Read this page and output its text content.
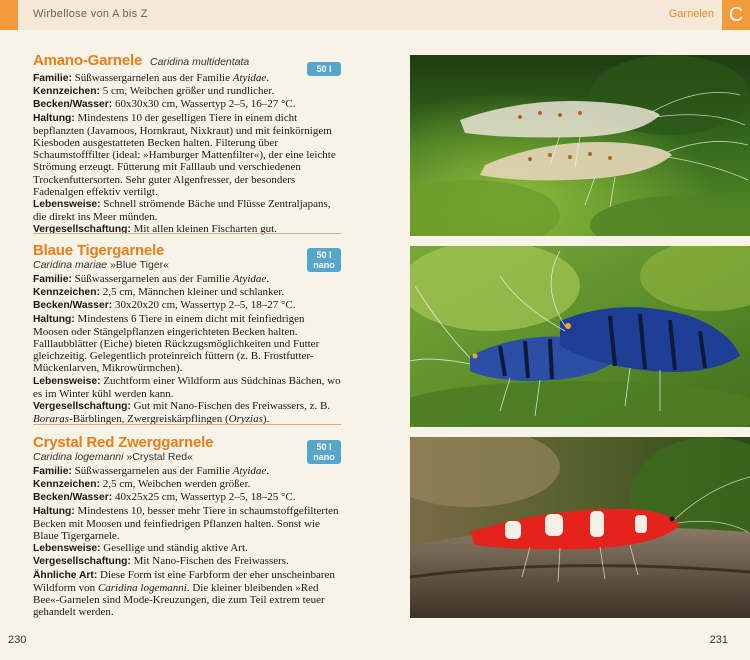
Wirbellose von A bis Z	Garnelen C
50 l
Amano-Garnele Caridina multidentata

Familie: Süßwassergarnelen aus der Familie Atyidae.

Kennzeichen: 5 cm, Weibchen größer und rundlicher.

Becken/Wasser: 60x30x30 cm, Wassertyp 2–5, 16–27 °C.

Haltung: Mindestens 10 der geselligen Tiere in einem dicht bepflanzten (Javamoos, Hornkraut, Nixkraut) und mit feinkörnigem Kiesboden ausgestatteten Becken halten. Filterung über Schaumstofffilter (ideal: »Hamburger Mattenfilter«), der eine leichte Strömung erzeugt. Fütterung mit Falllaub und verschiedenen Trockenfuttersorten. Sehr guter Algenfresser, der besonders Fadenalgen effektiv vertilgt.

Lebensweise: Schnell strömende Bäche und Flüsse Zentraljapans, die direkt ins Meer münden.

Vergesellschaftung: Mit allen kleinen Fischarten gut.

50 l
nano
Blaue Tigergarnele
Caridina mariae »Blue Tiger«

Familie: Süßwassergarnelen aus der Familie Atyidae.

Kennzeichen: 2,5 cm, Männchen kleiner und schlanker.

Becken/Wasser: 30x20x20 cm, Wassertyp 2–5, 18–27 °C.

Haltung: Mindestens 6 Tiere in einem dicht mit feinfiedrigen Moosen oder Stängelpflanzen eingerichteten Becken halten. Falllaubblätter (Eiche) bieten Rückzugsmöglichkeiten und Futter gleichzeitig. Gelegentlich proteinreich füttern (z. B. Frostfutter-Mückenlarven, Mikrowürmchen).

Lebensweise: Zuchtform einer Wildform aus Südchinas Bächen, wo es im Winter kühl werden kann.

Vergesellschaftung: Gut mit Nano-Fischen des Freiwassers, z. B. Boraras-Bärblingen, Zwergreiskärpflingen (Oryzias).

50 l
nano
Crystal Red Zwerggarnele
Caridina logemanni »Crystal Red«

Familie: Süßwassergarnelen aus der Familie Atyidae.

Kennzeichen: 2,5 cm, Weibchen werden größer.

Becken/Wasser: 40x25x25 cm, Wassertyp 2–5, 18–25 °C.

Haltung: Mindestens 10, besser mehr Tiere in schaumstoffgefilterten Becken mit Moosen und feinfiedrigen Pflanzen halten. Sonst wie Blaue Tigergarnele.

Lebensweise: Gesellige und ständig aktive Art.

Vergesellschaftung: Mit Nano-Fischen des Freiwassers.

Ähnliche Art: Diese Form ist eine Farbform der eher unscheinbaren Wildform von Caridina logemanni. Die kleiner bleibenden »Red Bee«-Garnelen sind Mode-Kreuzungen, die zum Teil extrem teuer gehandelt werden.

230	231
